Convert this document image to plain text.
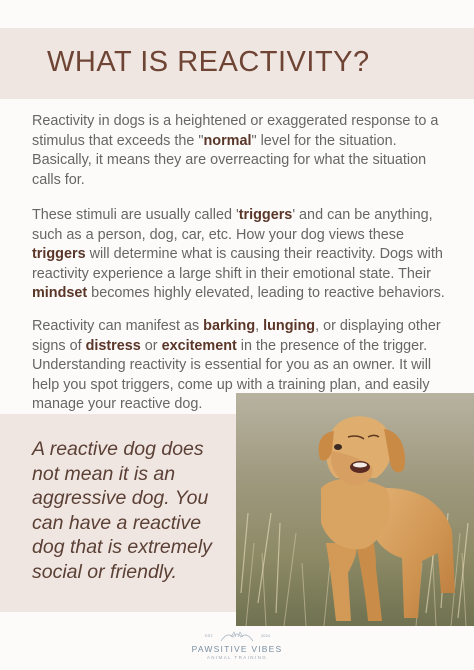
WHAT IS REACTIVITY?

Reactivity in dogs is a heightened or exaggerated response to a stimulus that exceeds the "normal" level for the situation. Basically, it means they are overreacting for what the situation calls for.

These stimuli are usually called 'triggers' and can be anything, such as a person, dog, car, etc. How your dog views these triggers will determine what is causing their reactivity. Dogs with reactivity experience a large shift in their emotional state. Their mindset becomes highly elevated, leading to reactive behaviors.

Reactivity can manifest as barking, lunging, or displaying other signs of distress or excitement in the presence of the trigger. Understanding reactivity is essential for you as an owner. It will help you spot triggers, come up with a training plan, and easily manage your reactive dog.

A reactive dog does not mean it is an aggressive dog. You can have a reactive dog that is extremely social or friendly.

EST.	2024
PAWSITIVE VIBES
ANIMAL TRAINING
